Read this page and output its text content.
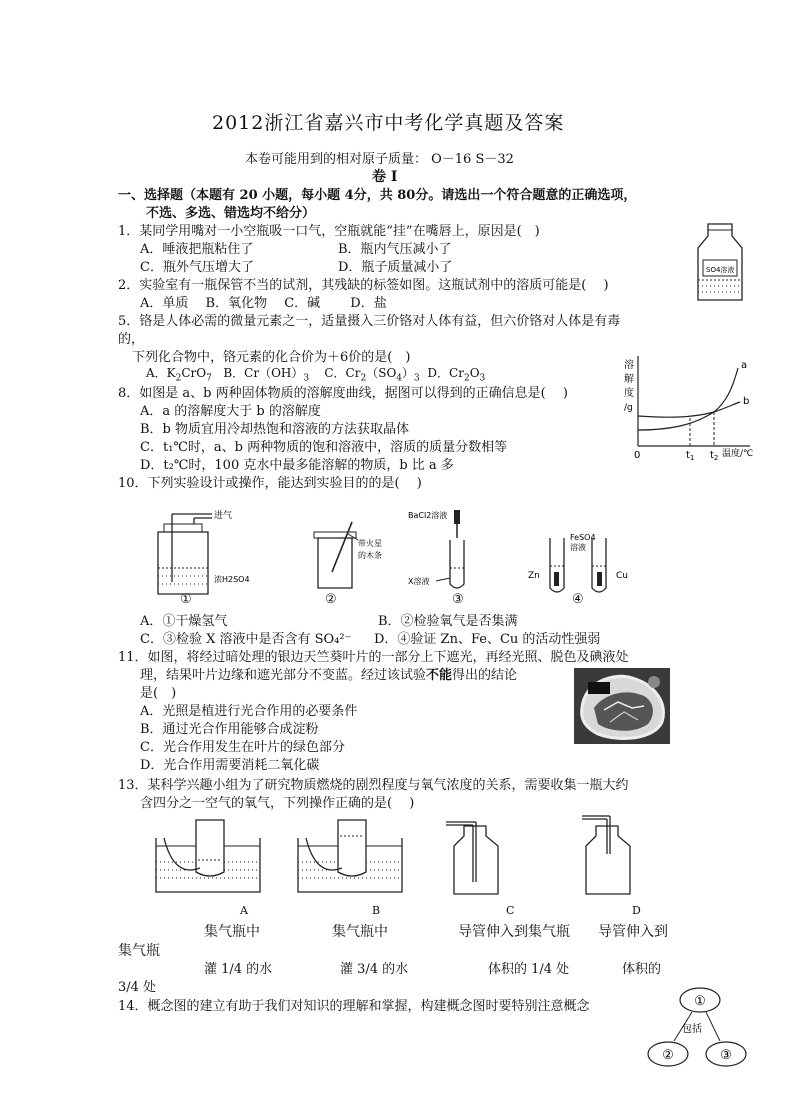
2012浙江省嘉兴市中考化学真题及答案
本卷可能用到的相对原子质量： O－16 S－32
卷 I
一、选择题（本题有 20 小题，每小题 4分，共 80分。请选出一个符合题意的正确选项，
不选、多选、错选均不给分）
1．某同学用嘴对一小空瓶吸一口气，空瓶就能“挂”在嘴唇上，原因是(　)
A．唾液把瓶粘住了	B．瓶内气压减小了
C．瓶外气压增大了	D．瓶子质量减小了	SO4溶液
2．实验室有一瓶保管不当的试剂，其残缺的标签如图。这瓶试剂中的溶质可能是(　 )
A．单质　 B．氧化物　 C．碱　　 D．盐
5．铬是人体必需的微量元素之一，适量摄入三价铬对人体有益，但六价铬对人体是有毒
的，
下列化合物中，铬元素的化合价为＋6价的是(　)
A．$K_2CrO_7$ B．$Cr(OH)_3$ C．$Cr_2(SO_4)_3$ D．$Cr_2O_3$
8．如图是 a、b 两种固体物质的溶解度曲线，据图可以得到的正确信息是(　 )
A．a 的溶解度大于 b 的溶解度
B．b 物质宜用冷却热饱和溶液的方法获取晶体
C．t₁℃时，a、b 两种物质的饱和溶液中，溶质的质量分数相等
D．t₂℃时，100 克水中最多能溶解的物质，b 比 a 多
溶
解
度
/g
a
b
0	$t_1$ $t_2$ 温度/℃
10．下列实验设计或操作，能达到实验目的的是(　 )
进气
浓H2SO4
①
带火星
的木条
②
BaCl2溶液
X溶液
③
FeSO4
溶液
Zn	Cu
④
A．①干燥氢气	B．②检验氧气是否集满
C．③检验 X 溶液中是否含有 SO₄²⁻ D．④验证 Zn、Fe、Cu 的活动性强弱
11．如图，将经过暗处理的银边天竺葵叶片的一部分上下遮光，再经光照、脱色及碘液处
理，结果叶片边缘和遮光部分不变蓝。经过该试验不能得出的结论
是(　)
A．光照是植进行光合作用的必要条件
B．通过光合作用能够合成淀粉
C．光合作用发生在叶片的绿色部分
D．光合作用需要消耗二氧化碳
13．某科学兴趣小组为了研究物质燃烧的剧烈程度与氧气浓度的关系，需要收集一瓶大约
含四分之一空气的氧气，下列操作正确的是(　 )
A	B	C	D
集气瓶中	集气瓶中	导管伸入到集气瓶 导管伸入到
集气瓶
灌 1/4 的水	灌 3/4 的水	体积的 1/4 处	体积的
3/4 处
14．概念图的建立有助于我们对知识的理解和掌握，构建概念图时要特别注意概念	①
②	③
包括
